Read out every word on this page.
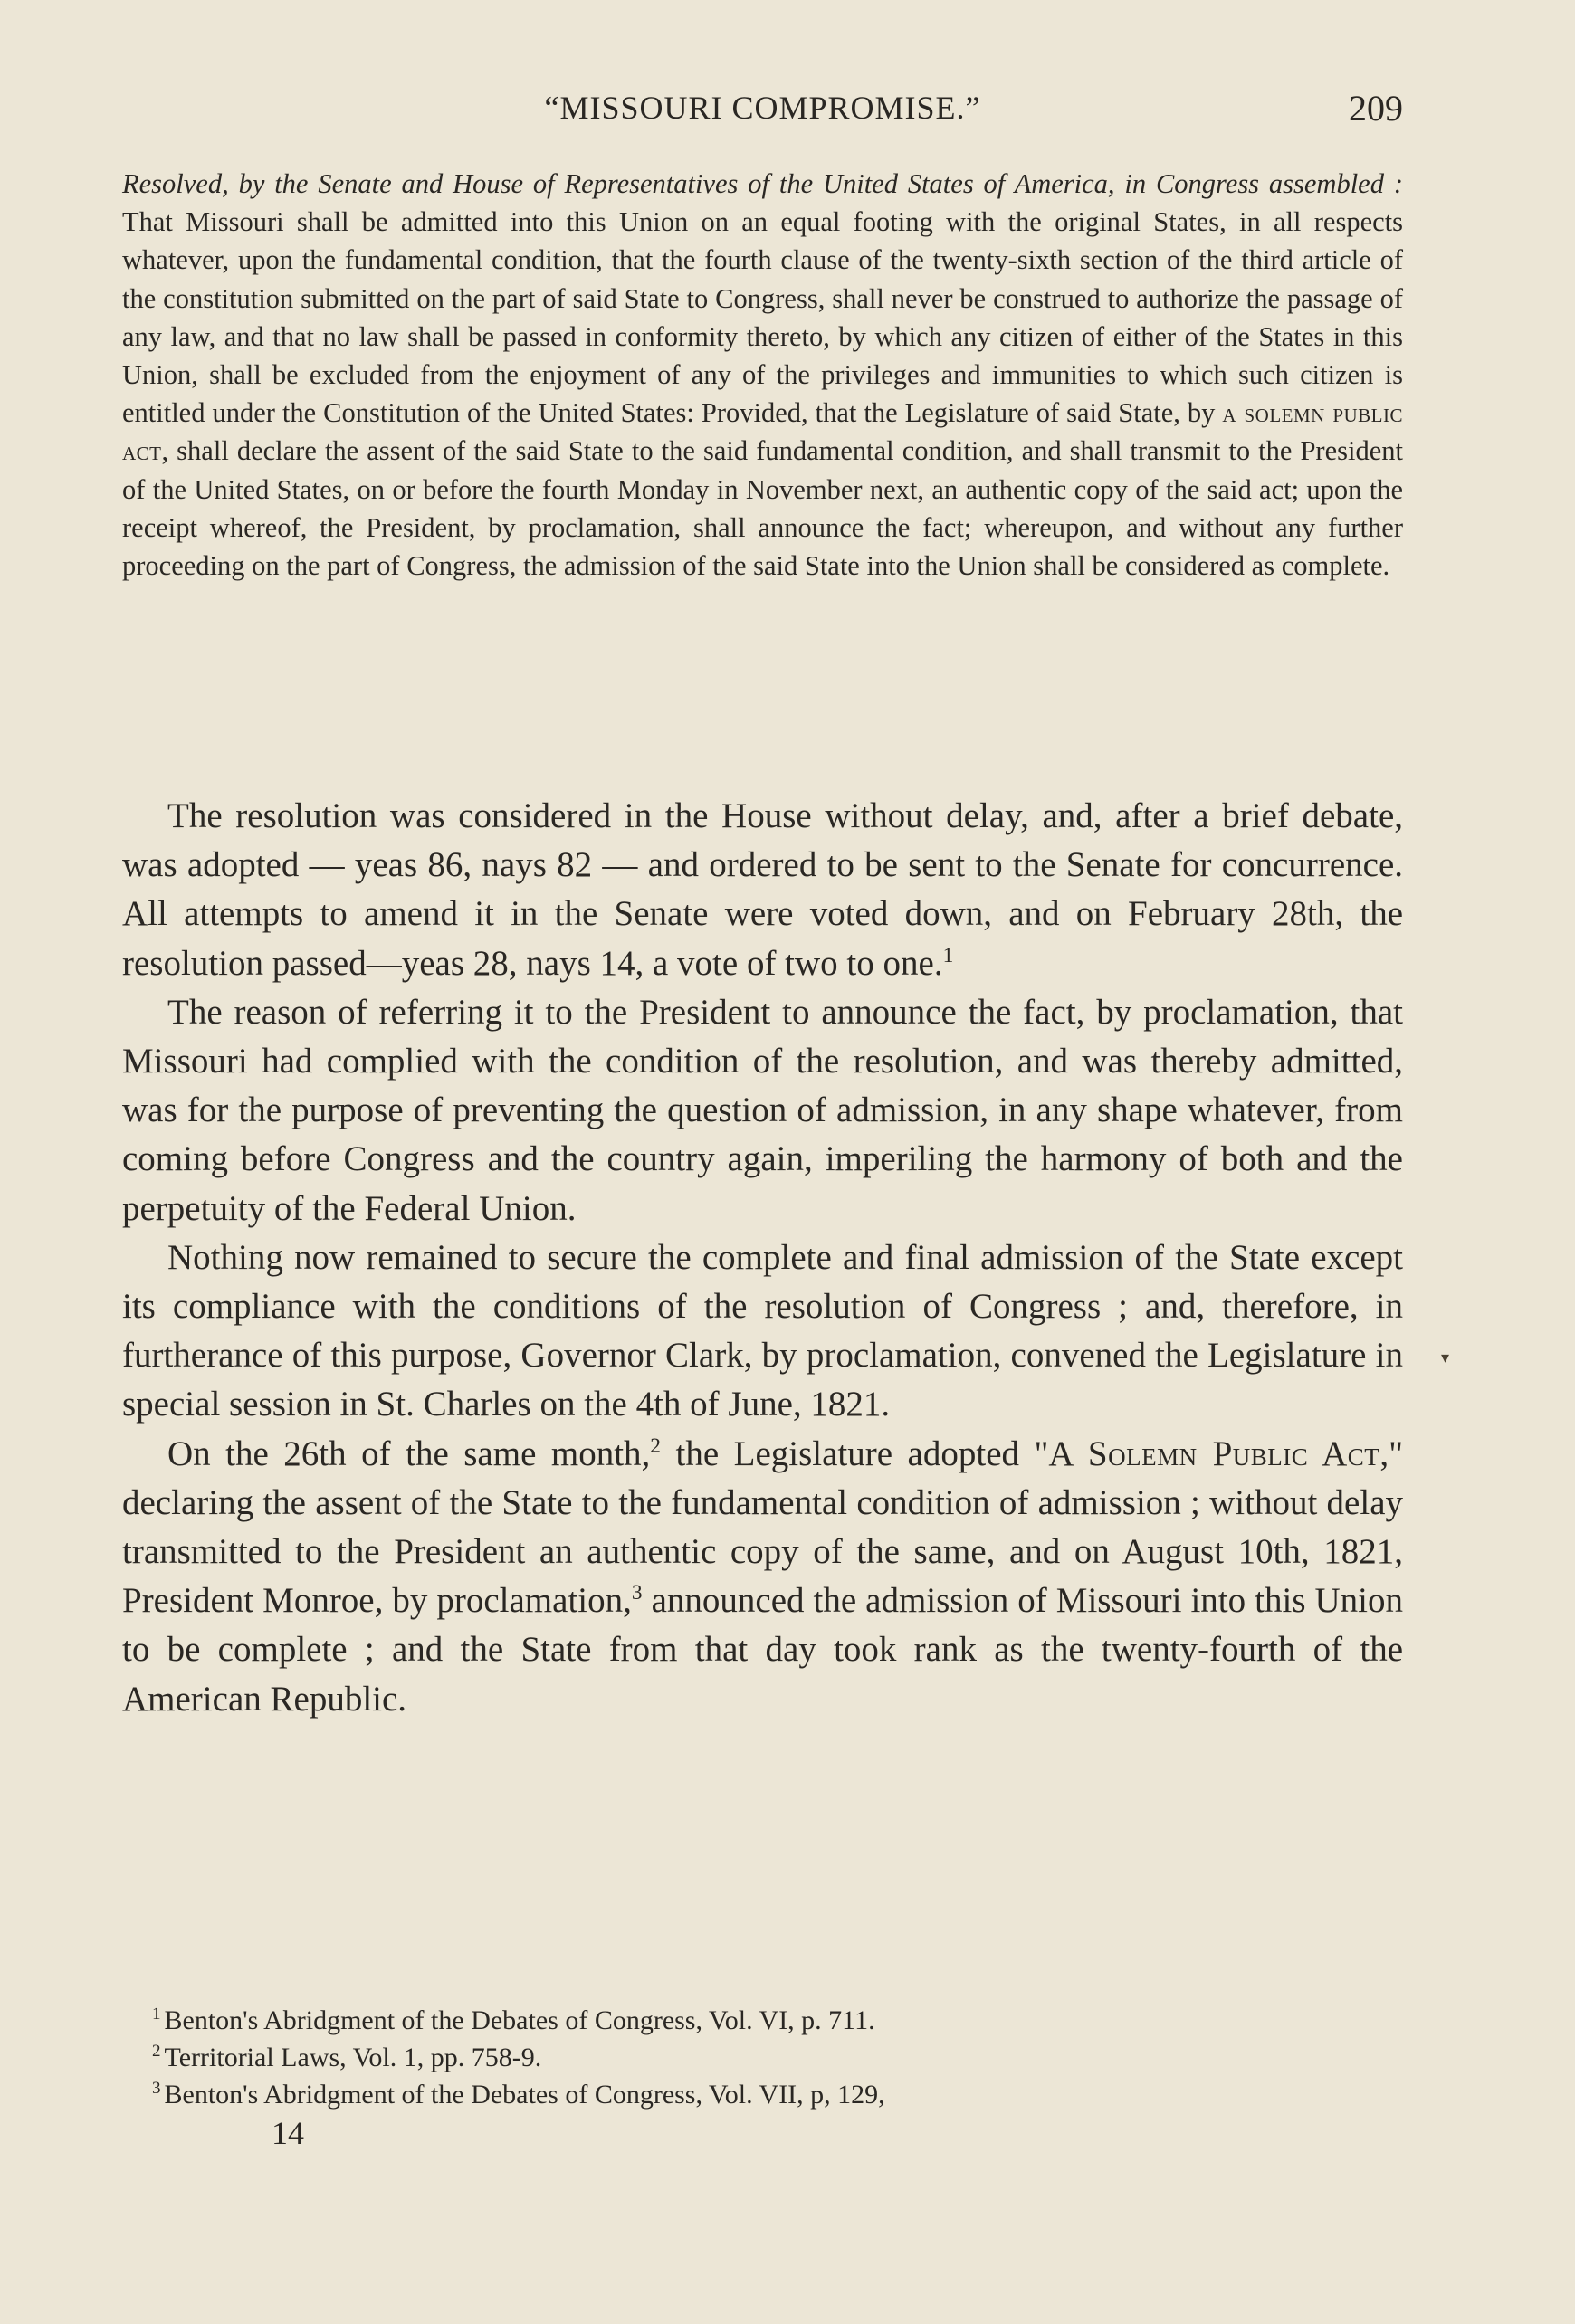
“MISSOURI COMPROMISE.”	209
Resolved, by the Senate and House of Representatives of the United States of America, in Congress assembled : That Missouri shall be admitted into this Union on an equal footing with the original States, in all respects whatever, upon the fundamental condition, that the fourth clause of the twenty-sixth section of the third article of the constitution submitted on the part of said State to Congress, shall never be construed to authorize the passage of any law, and that no law shall be passed in conformity thereto, by which any citizen of either of the States in this Union, shall be excluded from the enjoyment of any of the privileges and immunities to which such citizen is entitled under the Constitution of the United States: Provided, that the Legislature of said State, by a solemn public act, shall declare the assent of the said State to the said fundamental condition, and shall transmit to the President of the United States, on or before the fourth Monday in November next, an authentic copy of the said act; upon the receipt whereof, the President, by proclamation, shall announce the fact; whereupon, and without any further proceeding on the part of Congress, the admission of the said State into the Union shall be considered as complete.

The resolution was considered in the House without delay, and, after a brief debate, was adopted — yeas 86, nays 82 — and ordered to be sent to the Senate for concurrence. All attempts to amend it in the Senate were voted down, and on February 28th, the resolution passed—yeas 28, nays 14, a vote of two to one.$^1$

The reason of referring it to the President to announce the fact, by proclamation, that Missouri had complied with the condition of the resolution, and was thereby admitted, was for the purpose of preventing the question of admission, in any shape whatever, from coming before Congress and the country again, imperiling the harmony of both and the perpetuity of the Federal Union.

Nothing now remained to secure the complete and final admission of the State except its compliance with the conditions of the resolution of Congress ; and, therefore, in furtherance of this purpose, Governor Clark, by proclamation, convened the Legislature in special session in St. Charles on the 4th of June, 1821.

On the 26th of the same month,$^2$ the Legislature adopted "A Solemn Public Act," declaring the assent of the State to the fundamental condition of admission ; without delay transmitted to the President an authentic copy of the same, and on August 10th, 1821, President Monroe, by proclamation,$^3$ announced the admission of Missouri into this Union to be complete ; and the State from that day took rank as the twenty-fourth of the American Republic.

▾
$^1$ Benton's Abridgment of the Debates of Congress, Vol. VI, p. 711.
$^2$ Territorial Laws, Vol. 1, pp. 758-9.
$^3$ Benton's Abridgment of the Debates of Congress, Vol. VII, p, 129,
14
